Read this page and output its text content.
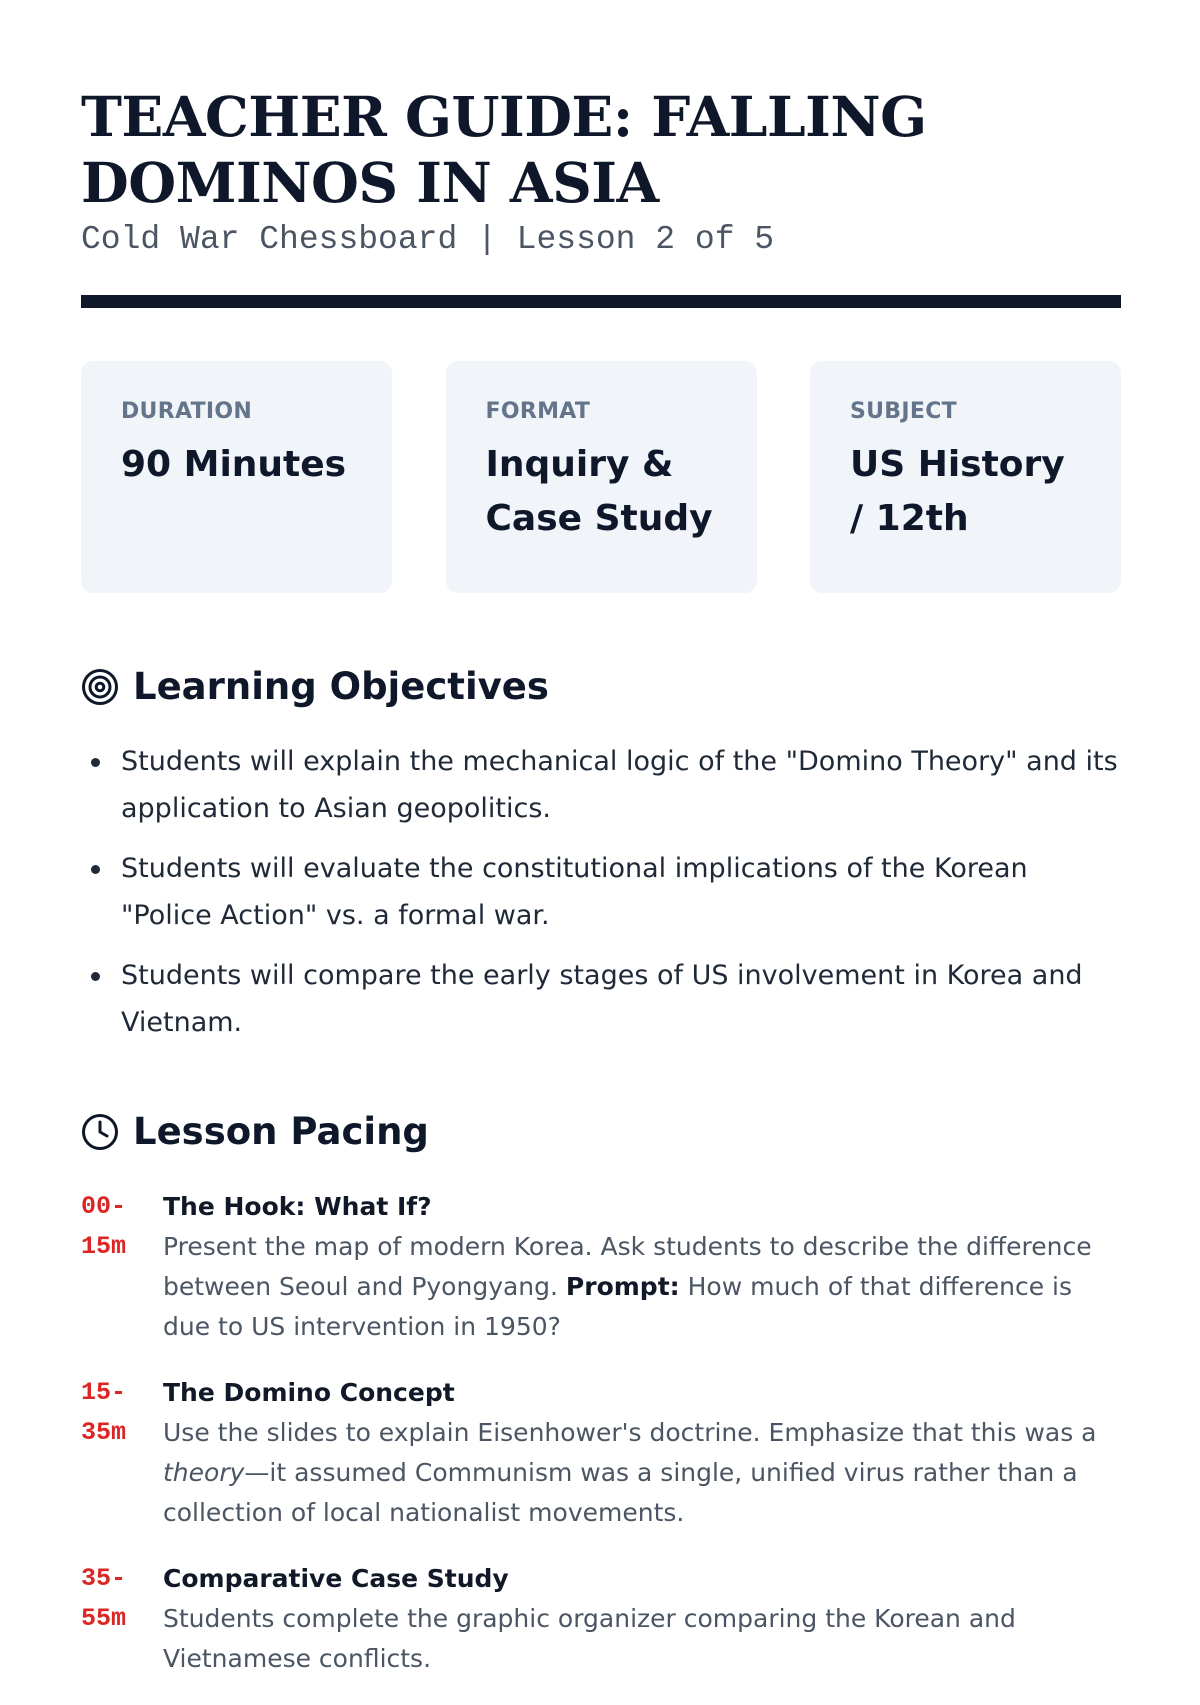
TEACHER GUIDE: FALLING DOMINOS IN ASIA
Cold War Chessboard | Lesson 2 of 5
DURATION
90 Minutes
FORMAT
Inquiry & Case Study
SUBJECT
US History / 12th
Learning Objectives
Students will explain the mechanical logic of the "Domino Theory" and its application to Asian geopolitics.
Students will evaluate the constitutional implications of the Korean "Police Action" vs. a formal war.
Students will compare the early stages of US involvement in Korea and Vietnam.
Lesson Pacing
00-15m
The Hook: What If?
Present the map of modern Korea. Ask students to describe the difference between Seoul and Pyongyang. Prompt: How much of that difference is due to US intervention in 1950?
15-35m
The Domino Concept
Use the slides to explain Eisenhower's doctrine. Emphasize that this was a theory—it assumed Communism was a single, unified virus rather than a collection of local nationalist movements.
35-55m
Comparative Case Study
Students complete the graphic organizer comparing the Korean and Vietnamese conflicts.
